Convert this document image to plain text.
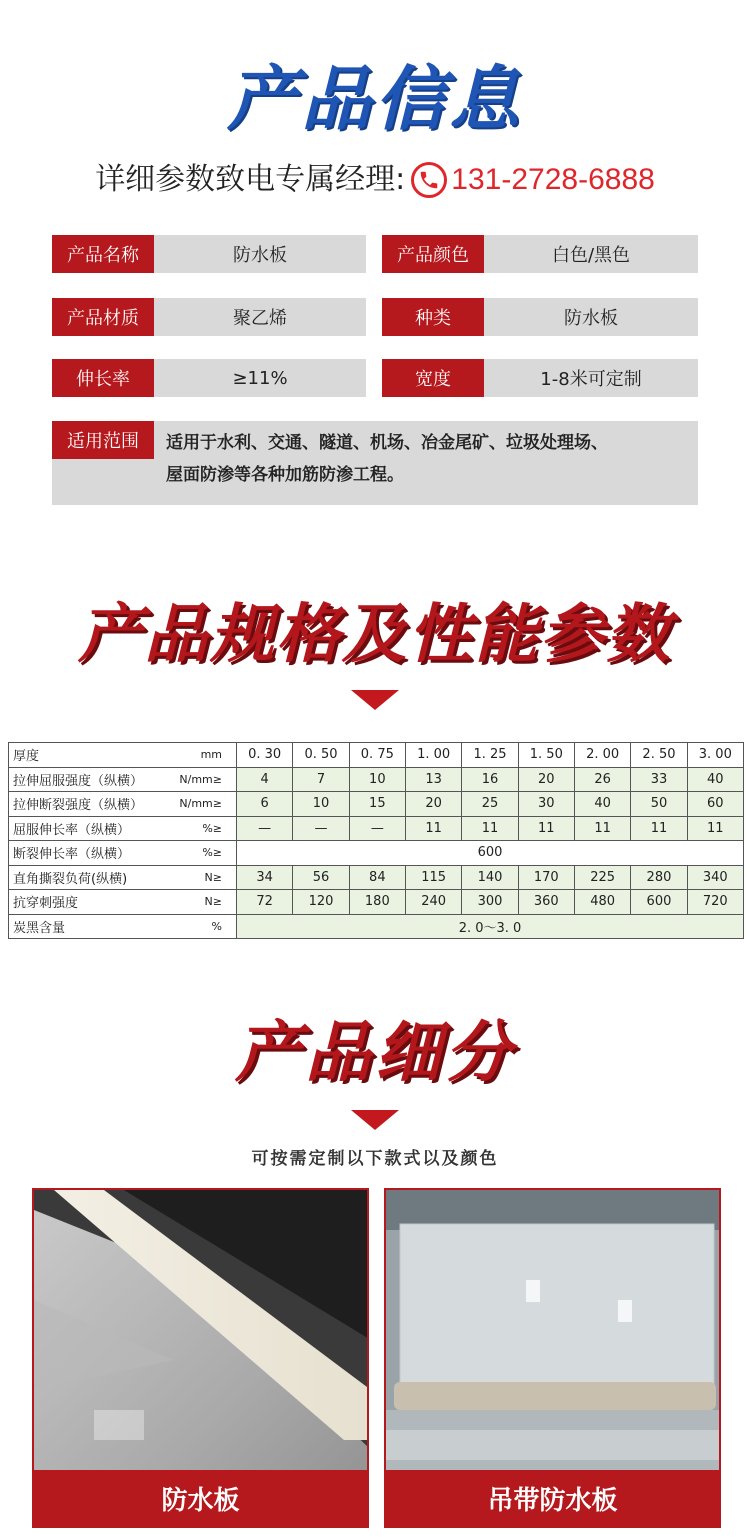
产品信息
详细参数致电专属经理: 131-2728-6888
产品名称	防水板	产品颜色	白色/黑色
产品材质	聚乙烯	种类	防水板
伸长率	≥11%	宽度	1-8米可定制
适用范围	适用于水利、交通、隧道、机场、冶金尾矿、垃圾处理场、
屋面防渗等各种加筋防渗工程。
产品规格及性能参数
厚度	mm	0. 30	0. 50	0. 75	1. 00	1. 25	1. 50	2. 00	2. 50	3. 00
拉伸屈服强度（纵横）	N/mm≥	4	7	10	13	16	20	26	33	40
拉伸断裂强度（纵横）	N/mm≥	6	10	15	20	25	30	40	50	60
屈服伸长率（纵横）	%≥	—	—	—	11	11	11	11	11	11
断裂伸长率（纵横）	%≥	600								
直角撕裂负荷(纵横)	N≥	34	56	84	115	140	170	225	280	340
抗穿刺强度	N≥	72	120	180	240	300	360	480	600	720
炭黑含量	%	2. 0～3. 0								
产品细分
可按需定制以下款式以及颜色
防水板	吊带防水板
